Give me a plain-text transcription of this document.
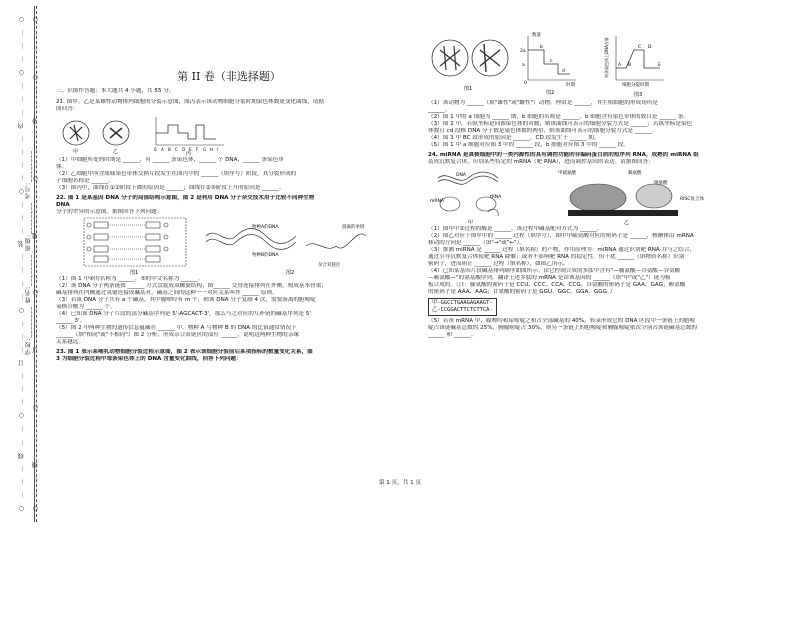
○
…
…
…
○
…
…
…
内
…
…
…
…
○
…
…
…
装
…
…
…
…
○
…
…
…
订
…
…
…
○
…
…
线
…
…
…
○
○
…
…
…
○
…
…
外
…
…
…
○
…
…
…
装
…
…
…
○
…
…
…
订
…
…
…
○
…
…
…
线
…
…
○
学校:________ 姓名:________ 班级:________ 考号:________

第 II 卷（非选择题）

三、识图作答题：本大题共 4 小题，共 55 分。

21. 图甲、乙是某雄性动物体内细胞的分裂示意图，图丙表示该动物细胞分裂时期染色体数量变化曲线，请据

图回答：

甲	乙	0 A B C D E F G H I
丙

（1）甲细胞所处的时期是 ______，有 ______ 条染色体，______ 个 DNA，______ 条染色单

体。

（2）乙细胞中所含姐妹染色单体交换片段发生在图丙中的 ______（填序号）阶段，其分裂形成的

子细胞名称是 ______。

（3）图丙中，曲线在①②阶段下降的原因是 ______；曲线在②③阶段上升的原因是 ______。

22. 图 1 是某基因 DNA 分子的局部结构示意图，图 2 是利用 DNA 分子杂交技术用于比较不同种生物

DNA

分子的差异的示意图。据图回答下列问题：

图1
物种A的DNA
物种B的DNA
杂合双链区
游离的单链
图2

（1）图 1 中④的名称为 ______，⑤的中文名称为 ______。

（2）该 DNA 分子两条链按 ______ 方式盘旋成双螺旋结构；图______ 交替连接排列在外侧，构成基本骨架；

碱基排列在内侧通过氢键连接成碱基对，碱基之间的这种一一对应关系叫作 ______ 原则。

（3）若该 DNA 分子共有 a 个碱基，其中腺嘌呤有 m 个，则该 DNA 分子复制 4 次，需要游离的胞嘧啶

氧核苷酸为 ______ 个。

（4）已知该 DNA 分子片段的部分碱基序列是 5'-AGCACT-3'，那么与之对应的互补链的碱基序列是 5'

______ 3'。

（5）图 2 中两种生物的遗传信息蕴藏在 ______ 中。物种 A 与物种 B 的 DNA 的比值通常情况下

______（填"相同"或"不相同"）图 2 分析，形成杂合双链区的部位 ______，说明这两种生物的亲缘

关系越远。

23. 图 1 表示某哺乳动物细胞分裂过程示意图，图 2 表示该细胞分裂前后某项指标的数量变化关系，图

3 为细胞分裂过程中每条染色体上的 DNA 含量变化曲线，回答下列问题：

图1
数量
2a
a
0	时期
b
c
d
图2
每条染色体上DNA含量
细胞分裂时期
A B
C D
E
图3

（1）该动物为 ______（填"雄性"或"雌性"）动物，理由是 ______，其生殖细胞的形成场所是

______。

（2）图 1 中的 a 细胞为 ______ 期，b 细胞的名称是 ______，b 细胞含有染色单体的数目是 ______ 条。

（3）图 2 中，若纵坐标是同源染色体的对数，则该曲线可表示的细胞分裂方式是 ______；若纵坐标是染色

体数且 cd 段核 DNA 分子数是染色体数的两倍，则该曲线可表示的细胞分裂方式是 ______。

（4）图 3 中 BC 段形成的原因是 ______，CD 段发生于 ______ 期。

（5）图 1 中 a 细胞对应图 3 中的 ______ 段，b 细胞对应图 3 中的 ______ 段。

24. miRNA 是真核细胞中的一类内源性的具有调控功能的非编码蛋白质的短序列 RNA，成熟的 miRNA 组

装成沉默复合体，识别某些特定的 mRNA（靶 RNA），进而调控基因的表达。请据图回答：

DNA
mRNA
tRNA
甲
甲硫氨酸	赖氨酸
缬氨酸
RISC复合体
乙

（1）图甲中②过程的酶是 ______，该过程中碱基配对方式为 ______。

（2）图乙对应于图甲中的 ______ 过程（填序号），图中甲硫氨酸对应的密码子是 ______，核糖体沿 mRNA

移动的方向是 ______（填"→"或"←"）。

（3）推测 miRNA 是 ______ 过程（填名称）的产物，作用原理为：miRNA 通过识别靶 RNA 并与之结合，

通过引导沉默复合体使靶 RNA 降解；或者不影响靶 RNA 的稳定性，但干扰 ______（填物质名称）识别

密码子，进而阻止 ______ 过程（填名称），如图乙所示。

（4）已知某基因片段碱基排列顺序如图所示。由它控制合成的多肽中含有"—脯氨酸—谷氨酸—谷氨酸

—赖氨酸—"的氨基酸序列。翻译上述多肽的 mRNA 是由该基因的 ______（填"甲"或"乙"）链为模

板合成的。（注：脯氨酸的密码子是 CCU、CCC、CCA、CCG；谷氨酸的密码子是 GAA、GAG；赖氨酸

的密码子是 AAA、AAG；甘氨酸的密码子是 GGU、GGC、GGA、GGG。）

甲-GGCCTGAAGAGAAGT-
乙-CCGGACTTCTCTTCA-

（5）若该 mRNA 中，腺嘌呤和尿嘧啶之和占全部碱基的 40%，转录形成它的 DNA 区段中一条链上的胞嘧

啶占该链碱基总数的 25%，胸腺嘧啶占 30%，则另一条链上的胞嘧啶和胸腺嘧啶依次分别占该链碱基总数的

______ 和 ______。

第 1 页，共 1 页
